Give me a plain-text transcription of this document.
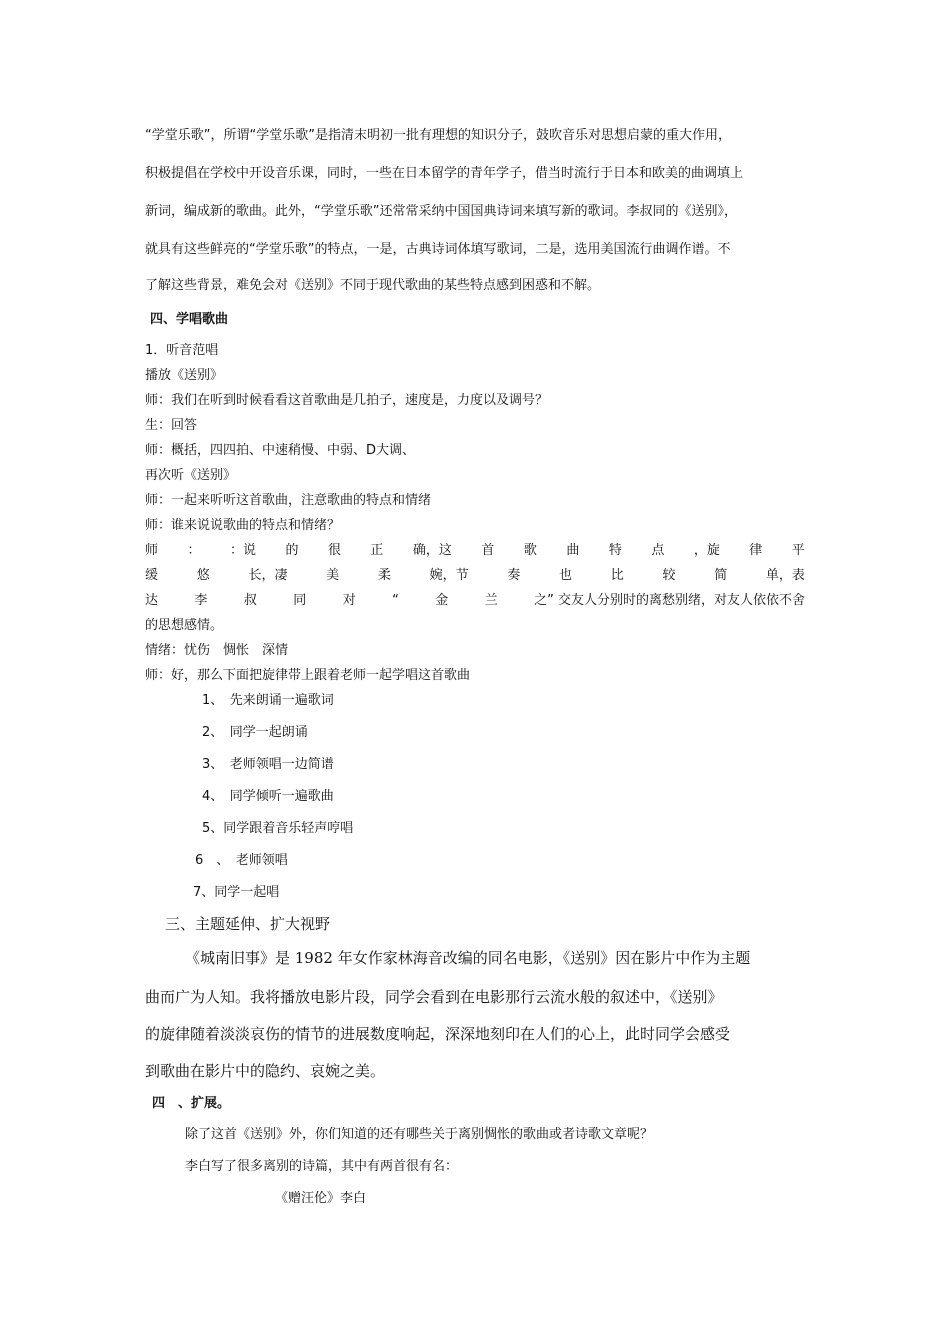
“学堂乐歌”，所谓“学堂乐歌”是指清末明初一批有理想的知识分子，鼓吹音乐对思想启蒙的重大作用，
积极提倡在学校中开设音乐课，同时，一些在日本留学的青年学子，借当时流行于日本和欧美的曲调填上
新词，编成新的歌曲。此外，“学堂乐歌”还常常采纳中国国典诗词来填写新的歌词。李叔同的《送别》，
就具有这些鲜亮的“学堂乐歌”的特点，一是，古典诗词体填写歌词，二是，选用美国流行曲调作谱。不
了解这些背景，难免会对《送别》不同于现代歌曲的某些特点感到困惑和不解。
四、学唱歌曲
1．听音范唱
播放《送别》
师：我们在听到时候看看这首歌曲是几拍子，速度是，力度以及调号？
生：回答
师：概括，四四拍、中速稍慢、中弱、D大调、
再次听《送别》
师：一起来听听这首歌曲，注意歌曲的特点和情绪
师：谁来说说歌曲的特点和情绪？
师 ： ：说 的 很 正 确，这 首 歌 曲 特 点 ，旋 律 平
缓	悠	长，凄	美	柔	婉，节	奏	也	比	较	简	单，表
达	李	叔	同	对	“	金	兰	之” 交友人分别时的离愁别绪，对友人依依不舍
的思想感情。
情绪：忧伤　惆怅　深情
师：好，那么下面把旋律带上跟着老师一起学唱这首歌曲
1、　先来朗诵一遍歌词
2、　同学一起朗诵
3、　老师领唱一边简谱
4、　同学倾听一遍歌曲
5、同学跟着音乐轻声哼唱
6　、　老师领唱
7、同学一起唱
三、主题延伸、扩大视野
《城南旧事》是 1982 年女作家林海音改编的同名电影，《送别》因在影片中作为主题
曲而广为人知。我将播放电影片段，同学会看到在电影那行云流水般的叙述中，《送别》
的旋律随着淡淡哀伤的情节的进展数度响起，深深地刻印在人们的心上，此时同学会感受
到歌曲在影片中的隐约、哀婉之美。
四　、扩展。
除了这首《送别》外，你们知道的还有哪些关于离别惆怅的歌曲或者诗歌文章呢？
李白写了很多离别的诗篇，其中有两首很有名：
《赠汪伦》李白
